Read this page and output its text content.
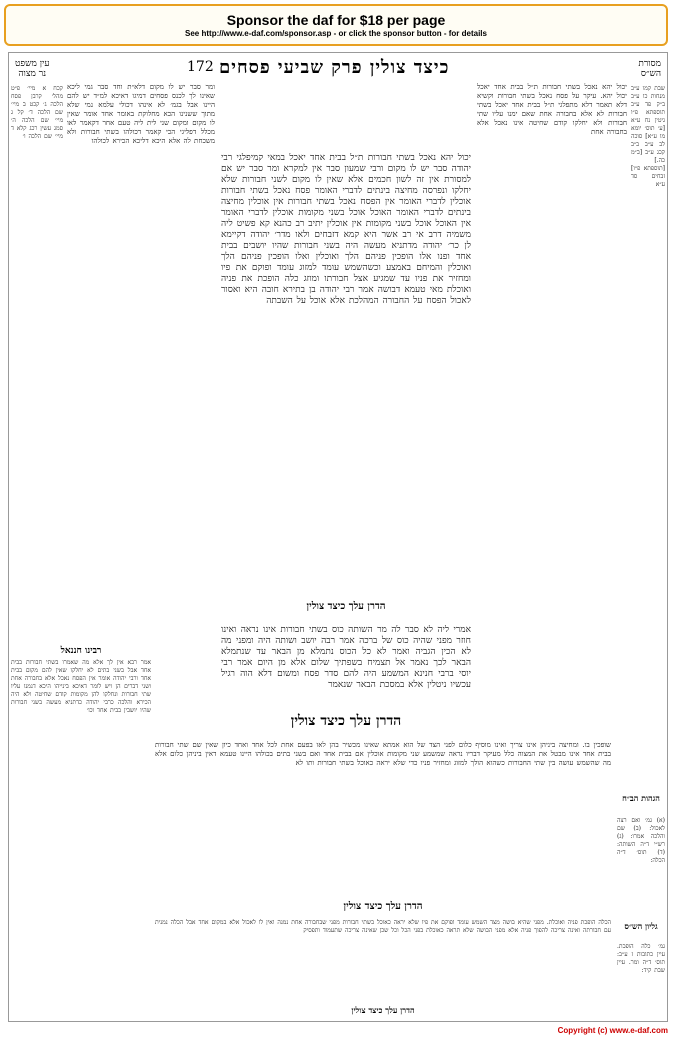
Sponsor the daf for $18 per page
See http://www.e-daf.com/sponsor.asp - or click the sponsor button - for details
עין משפט
נר מצוה	172 כיצד צולין פרק שביעי פסחים	מסורת
הש״ס
קכח א מיי׳ פ״ט מהל׳ קרבן פסח הלכה ג׳ קכט ב מיי׳ שם הלכה ד׳ קל ג מיי׳ שם הלכה ה׳ סמג עשין רכג קלא ד מיי׳ שם הלכה ו׳
ומר סבר יש לו מקום דלא״ת וחד סבר גמי ליכא שאינו לך לכנס פסחים דמיגו דאיכא למ״ד יש להם היינו אבל בגמ׳ לא אינהו דכולי עלמא נמי שלא מתוך ששנינו הכא מחלוקת באומר אחד אומר שאין לו מקום ומקום שני לית ליה טעם אחר דקאמר לאו מכלל דפליגי הכי קאמר דכולהו בשתי חבורות ולא משכחת לה אלא היכא דליכא הכירא לכולהו
יכול יהא נאכל בשתי חבורות ת״ל בבית אחד יאכל במאי קמיפלגי רבי יהודה סבר יש לו מקום ורבי שמעון סבר אין למקרא ומר סבר יש אם למסורת אין זה לשון חכמים אלא שאין לו מקום לשני חבורות שלא יחלקו ונפרסה מחיצה בינתים לדברי האומר פסח נאכל בשתי חבורות אוכלין לדברי האומר אין הפסח נאכל בשתי חבורות אין אוכלין מחיצה בינתים לדברי האומר האוכל אוכל בשני מקומות אוכלין לדברי האומר אין האוכל אוכל בשני מקומות אין אוכלין יתיב רב כהנא קא פשיט ליה משמיה דרב אי רב אשר היא קמא דזבחים ולאו מדר׳ יהודה דקיימא לן כר׳ יהודה מדתניא מעשה היה בשני חבורות שהיו יושבים בבית אחד ופנו אלו הופכין פניהם הלך ואוכלין ואלו הופכין פניהם הלך ואוכלין והמיחם באמצע וכשהשמש עומד למזוג עומד ופוקם את פיו ומחזיר את פניו עד שמגיע אצל חבורתו ומוזג כלה הופכת את פניה ואוכלת מאי טעמא דבושה אמר רבי יהודה בן בתירא חובה היא ואסור לאכול הפסח על החבורה המהלכת אלא אוכל על השבתה
יכול יהא נאכל בשתי חבורות ת״ל בבית אחד יאכל יכול יהא. עיקר על פסח נאכל בשתי חבורות וקשיא דלא תאמר דלא מתפלגי ת״ל בבית אחד יאכל בשתי חבורות לא אלא בחבורה אחת שאם ימנו עליו שתי חבורות ולא יחלקו קודם שחיטה אינו נאכל אלא בחבורה אחת
שבת קמו ע״ב מנחות כו ע״ב ב״ק פד ע״ב תוספתא פ״ו גיטין נח ע״א [ע׳ תוס׳ יומא מו ע״א] סוכה לב ע״ב ב״ב קכג ע״ב [ב״מ כה.] [תוספתא פ״ו] זבחים סד ע״א
אמרי ליה לא סבר לה מר השותה כוס בשתי חבורות אינו נראה ואינו חוזר מפני שהיה כוס של ברכה אמר רבה יושב ושותה היה ומפני מה לא הכין הגביה ואמר לא כל הכוס נתמלא מן הבאר עד שנתמלא הבאר לכך נאמר אל תצמיח בשפתיך שלום אלא מן היום אמר רבי יוסי ברבי חנינא המשמע היה להם סדר פסח ומשום דלא הוה רגיל עכשיו ניטלין אלא במסכת הבאר שנאמר
הדרן עלך כיצד צולין
הדרן עלך כיצד צולין
רבינו חננאל
אמר רבא אין לך אלא מה שאמרו בשתי חבורות בבית אחד אבל בשני בתים לא יחלקו שאין להם מקום בבית אחד ורבי יהודה אומר אין הפסח נאכל אלא בחבורה אחת ושני דברים הן ויש לומר דאיכא בינייהו היכא דנמנו עליו שתי חבורות ונחלקו להן מקומות קודם שחיטה ולא היה הכירא והלכה כרבי יהודה כדתניא מעשה בשני חבורות שהיו יושבין בבית אחד וכו׳
הגהות הב״ח
(א) גמ׳ ואם רצה לאכול: (ב) שם והלכה אמרו: (ג) רש״י ד״ה השותה: (ד) תוס׳ ד״ה הכלה:
גליון הש״ס
גמ׳ כלה הופכת. עיין כתובות ז ע״ב: תוס׳ ד״ה ומר. עיין שבת קיד:
שופכין בו. ומחיצה ביניהן אינו צריך ואינו מוסיף כלום לפני הצד של הוא אמתא שאינו מכשיר בהן לאו בפעם אחת לכל אחד ואחד כיון שאין שם שתי חבורות בבית אחד אינו מבטל את המצוה כלל מעיקר דבריו נראה שמשמע שני מקומות אוכלין אם בבית אחד ואם בשני בתים בכולהו היינו טעמא דאין ביניהן כלום אלא מה שהשמש עושה בין שתי החבורות כשהוא הולך למזוג ומחזיר פניו כדי שלא יראה כאוכל בשתי חבורות ותו לא
הדרן עלך כיצד צולין
הכלה הופכת פניה ואוכלת. מפני שהיא בושה מצד השמש עומד ופוקם את פיו שלא יראה כאוכל בשתי חבורות מפני שבחבורה אחת נמנה ואין לו לאכול אלא במקום אחד אבל הכלה נמנית עם חבורתה ואינה צריכה להפוך פניה אלא מפני הבושה שלא תראה כאוכלת בפני הכל וכל שכן שאינה צריכה שתעמוד ותפסיק
הדרן עלך כיצד צולין
Copyright (c) www.e-daf.com
